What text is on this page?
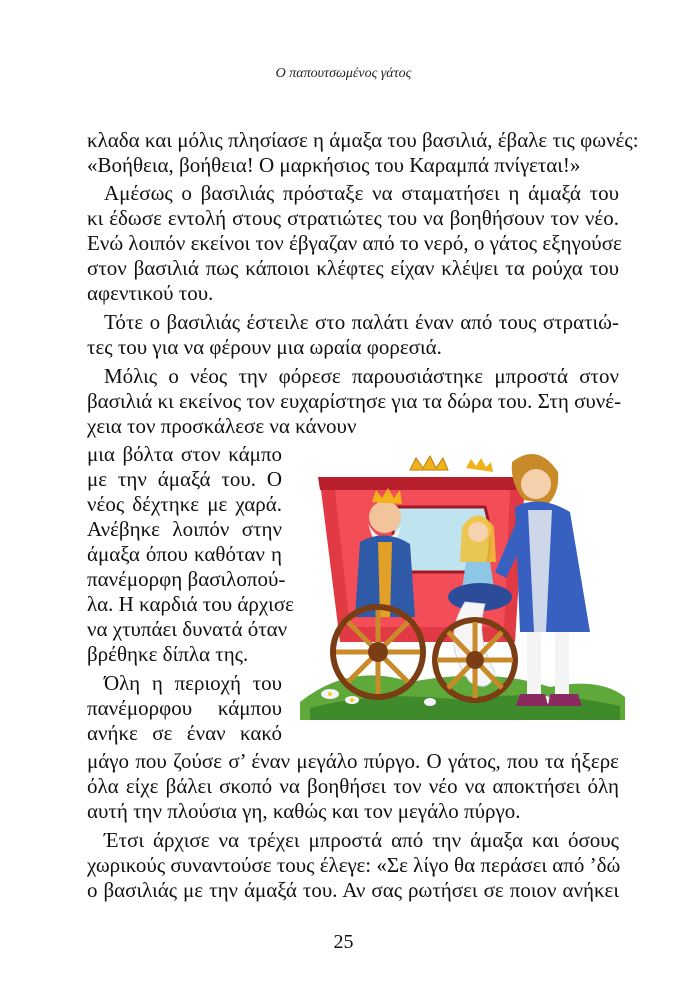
Ο παπουτσωμένος γάτος
κλαδα και μόλις πλησίασε η άμαξα του βασιλιά, έβαλε τις φωνές:
«Βοήθεια, βοήθεια! Ο μαρκήσιος του Καραμπά πνίγεται!»
Αμέσως ο βασιλιάς πρόσταξε να σταματήσει η άμαξά του
κι έδωσε εντολή στους στρατιώτες του να βοηθήσουν τον νέο.
Ενώ λοιπόν εκείνοι τον έβγαζαν από το νερό, ο γάτος εξηγούσε
στον βασιλιά πως κάποιοι κλέφτες είχαν κλέψει τα ρούχα του
αφεντικού του.
Τότε ο βασιλιάς έστειλε στο παλάτι έναν από τους στρατιώ-
τες του για να φέρουν μια ωραία φορεσιά.
Μόλις ο νέος την φόρεσε παρουσιάστηκε μπροστά στον
βασιλιά κι εκείνος τον ευχαρίστησε για τα δώρα του. Στη συνέ-
χεια τον προσκάλεσε να κάνουν
μια βόλτα στον κάμπο
με την άμαξά του. Ο
νέος δέχτηκε με χαρά.
Ανέβηκε λοιπόν στην
άμαξα όπου καθόταν η
πανέμορφη βασιλοπού-
λα. Η καρδιά του άρχισε
να χτυπάει δυνατά όταν
βρέθηκε δίπλα της.
Όλη η περιοχή του
πανέμορφου κάμπου
ανήκε σε έναν κακό
μάγο που ζούσε σ’ έναν μεγάλο πύργο. Ο γάτος, που τα ήξερε
όλα είχε βάλει σκοπό να βοηθήσει τον νέο να αποκτήσει όλη
αυτή την πλούσια γη, καθώς και τον μεγάλο πύργο.
Έτσι άρχισε να τρέχει μπροστά από την άμαξα και όσους
χωρικούς συναντούσε τους έλεγε: «Σε λίγο θα περάσει από ’δώ
ο βασιλιάς με την άμαξά του. Αν σας ρωτήσει σε ποιον ανήκει
25
